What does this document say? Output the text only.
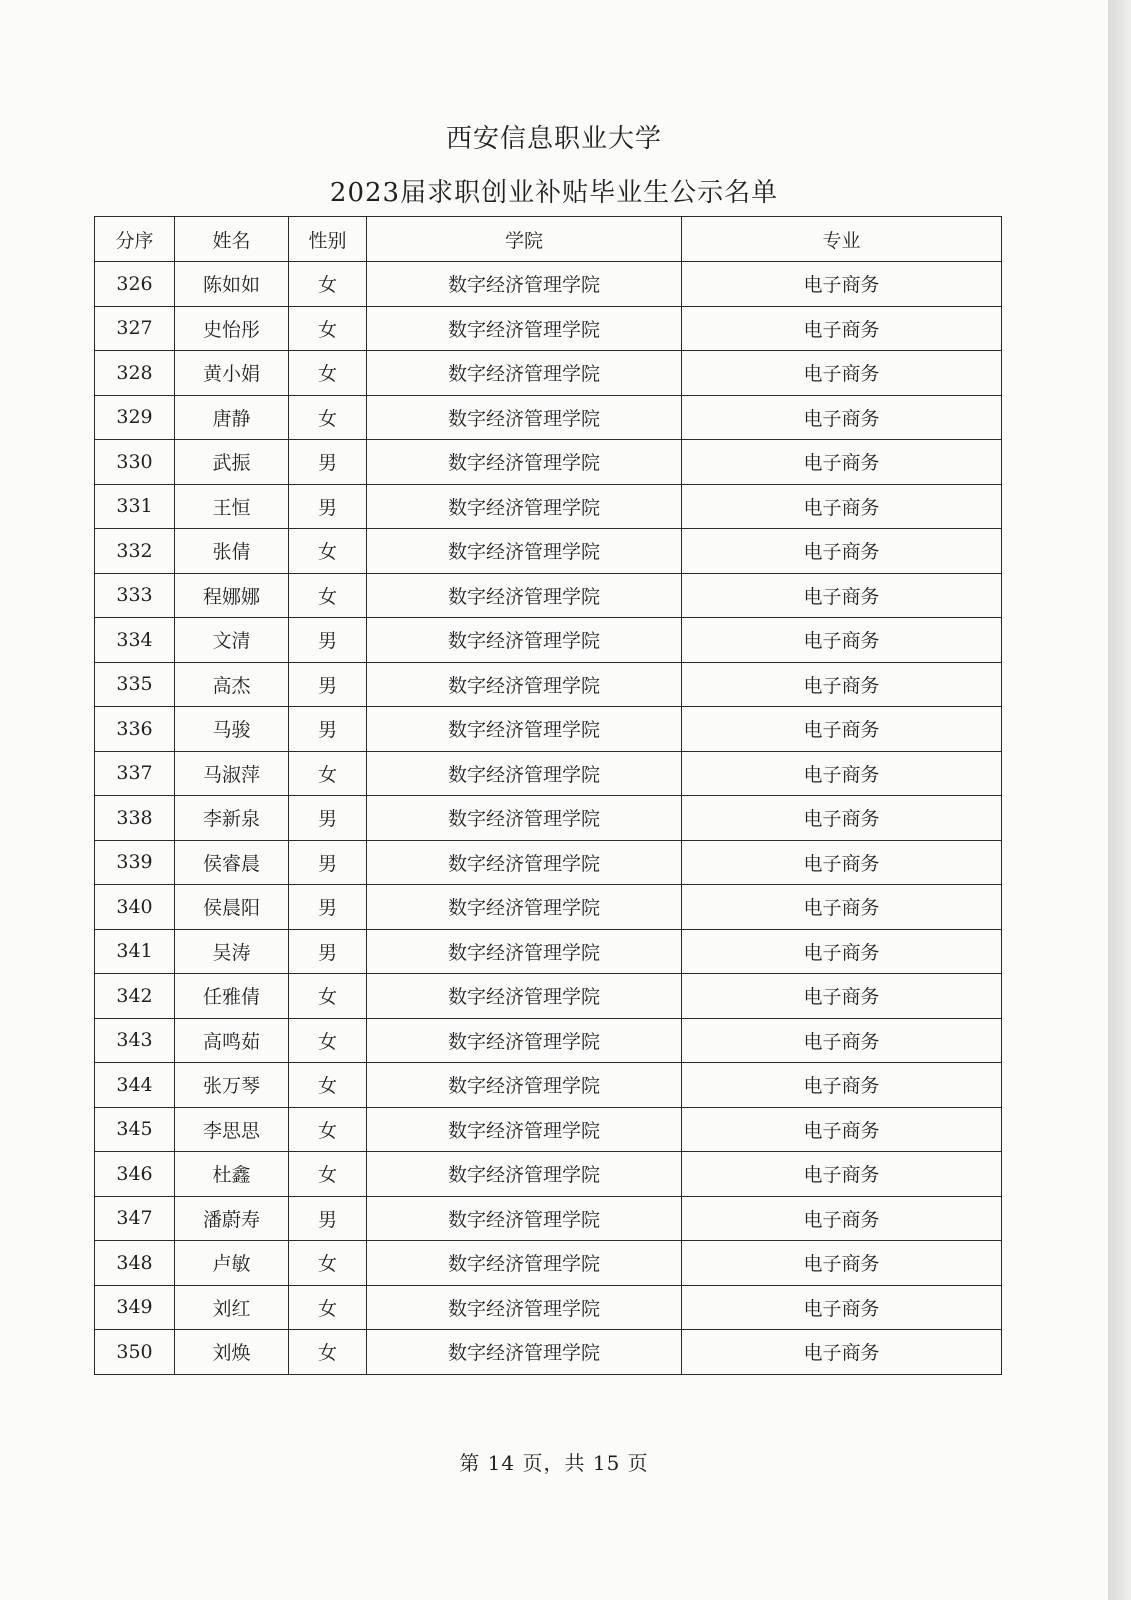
西安信息职业大学
2023届求职创业补贴毕业生公示名单
分序	姓名	性别	学院	专业
326	陈如如	女	数字经济管理学院	电子商务
327	史怡彤	女	数字经济管理学院	电子商务
328	黄小娟	女	数字经济管理学院	电子商务
329	唐静	女	数字经济管理学院	电子商务
330	武振	男	数字经济管理学院	电子商务
331	王恒	男	数字经济管理学院	电子商务
332	张倩	女	数字经济管理学院	电子商务
333	程娜娜	女	数字经济管理学院	电子商务
334	文清	男	数字经济管理学院	电子商务
335	高杰	男	数字经济管理学院	电子商务
336	马骏	男	数字经济管理学院	电子商务
337	马淑萍	女	数字经济管理学院	电子商务
338	李新泉	男	数字经济管理学院	电子商务
339	侯睿晨	男	数字经济管理学院	电子商务
340	侯晨阳	男	数字经济管理学院	电子商务
341	吴涛	男	数字经济管理学院	电子商务
342	任雅倩	女	数字经济管理学院	电子商务
343	高鸣茹	女	数字经济管理学院	电子商务
344	张万琴	女	数字经济管理学院	电子商务
345	李思思	女	数字经济管理学院	电子商务
346	杜鑫	女	数字经济管理学院	电子商务
347	潘蔚寿	男	数字经济管理学院	电子商务
348	卢敏	女	数字经济管理学院	电子商务
349	刘红	女	数字经济管理学院	电子商务
350	刘焕	女	数字经济管理学院	电子商务
第 14 页，共 15 页
